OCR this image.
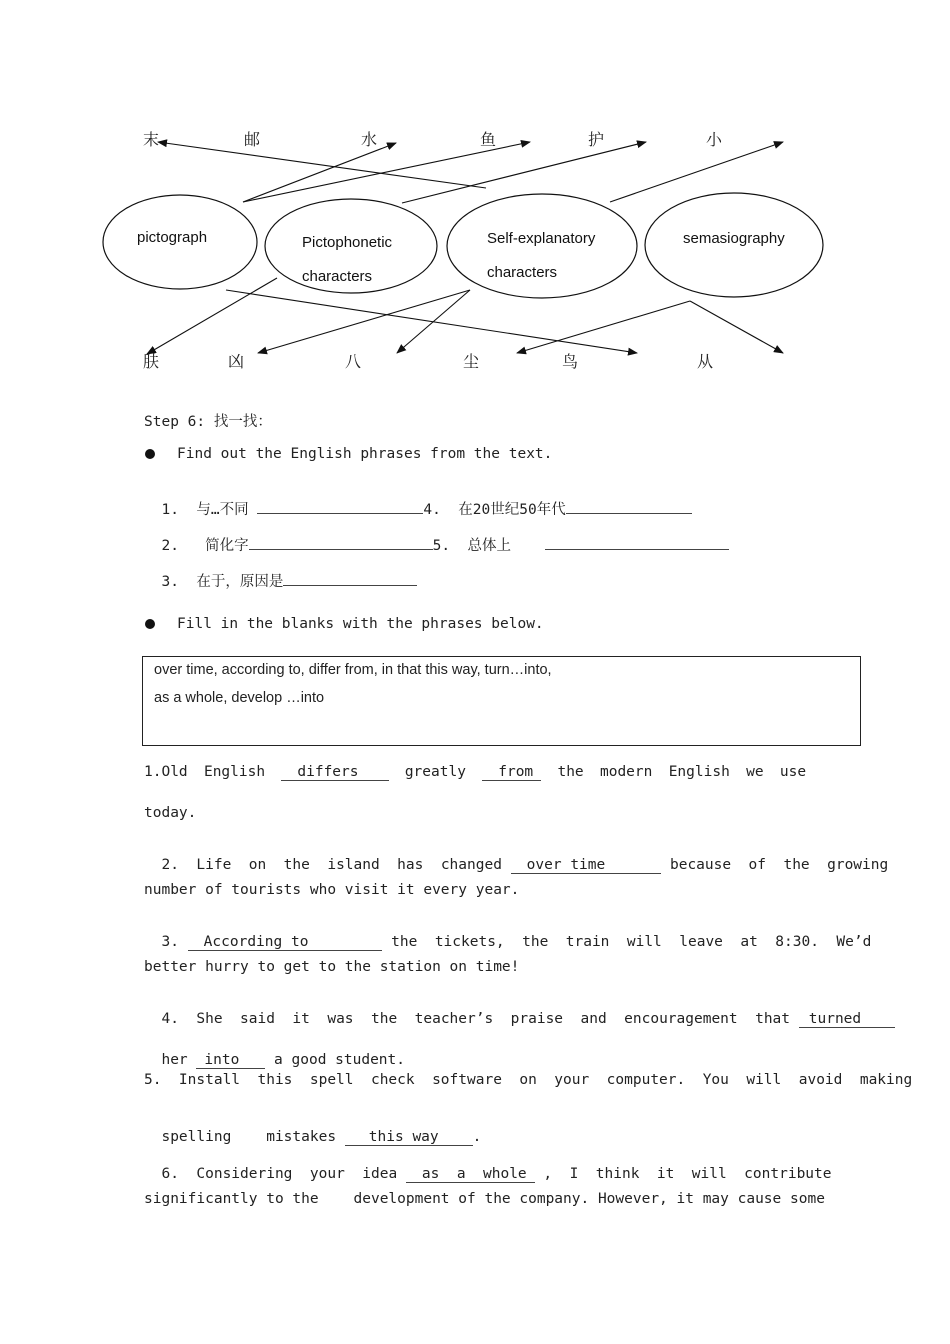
末	邮	水	鱼	护	小
pictograph	Pictophonetic
characters
Self-explanatory
characters
semasiography
肤	凶	八	尘	鸟	从
Step 6: 找一找：
Find out the English phrases from the text.

1.  与…不同	4.  在20世纪50年代

2.   简化字	5.  总体上

3.  在于，原因是

Fill in the blanks with the phrases below.
over time, according to, differ from, in that this way, turn…into,
as a whole, develop …into
1.Old English differs	greatly from the modern English we use
today.

2.  Life  on  the  island  has  changed over time	because  of  the  growing

number of tourists who visit it every year.

3. According to	the  tickets,  the  train  will  leave  at  8:30.  We’d

better hurry to get to the station on time!

4.  She  said  it  was  the  teacher’s  praise  and  encouragement  that turned

her into a good student.

5.  Install  this  spell  check  software  on  your  computer.  You  will  avoid  making

spelling    mistakes this way .

6.  Considering  your  idea as  a  whole ,  I  think  it  will  contribute

significantly to the    development of the company. However, it may cause some
